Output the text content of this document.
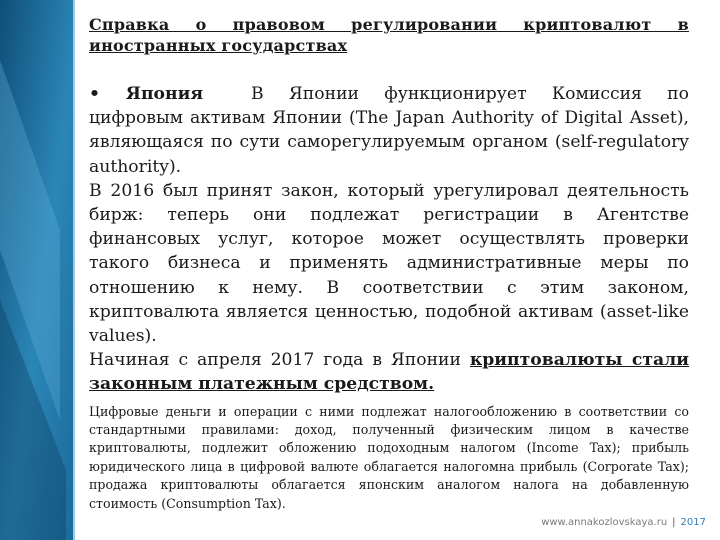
Справка о правовом регулировании криптовалют в иностранных государствах

• Япония	В Японии функционирует Комиссия по цифровым активам Японии (The Japan Authority of Digital Asset), являющаяся по сути саморегулируемым органом (self-regulatory authority).

В 2016 был принят закон, который урегулировал деятельность бирж: теперь они подлежат регистрации в Агентстве финансовых услуг, которое может осуществлять проверки такого бизнеса и применять административные меры по отношению к нему. В соответствии с этим законом, криптовалюта является ценностью, подобной активам (asset-like values).

Начиная с апреля 2017 года в Японии криптовалюты стали законным платежным средством.

Цифровые деньги и операции с ними подлежат налогообложению в соответствии со стандартными правилами: доход, полученный физическим лицом в качестве криптовалюты, подлежит обложению подоходным налогом (Income Tax); прибыль юридического лица в цифровой валюте облагается налогомна прибыль (Corporate Tax); продажа криптовалюты облагается японским аналогом налога на добавленную стоимость (Consumption Tax).

www.annakozlovskaya.ru | 2017
